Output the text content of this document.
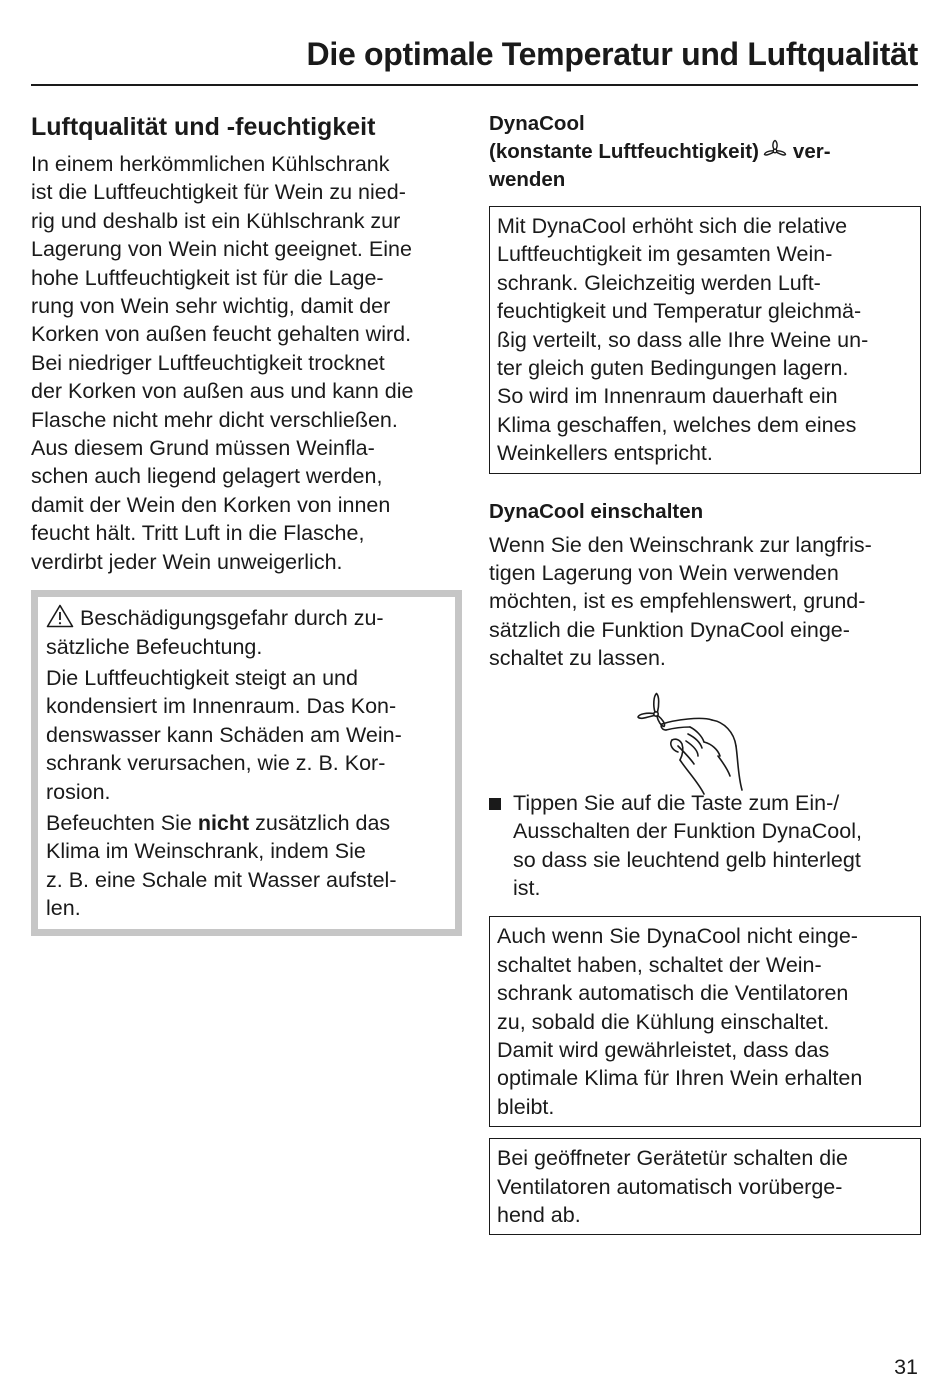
Die optimale Temperatur und Luftqualität
Luftqualität und -feuchtigkeit
In einem herkömmlichen Kühlschrank
ist die Luftfeuchtigkeit für Wein zu nied-
rig und deshalb ist ein Kühlschrank zur
Lagerung von Wein nicht geeignet. Eine
hohe Luftfeuchtigkeit ist für die Lage-
rung von Wein sehr wichtig, damit der
Korken von außen feucht gehalten wird.
Bei niedriger Luftfeuchtigkeit trocknet
der Korken von außen aus und kann die
Flasche nicht mehr dicht verschließen.
Aus diesem Grund müssen Weinfla-
schen auch liegend gelagert werden,
damit der Wein den Korken von innen
feucht hält. Tritt Luft in die Flasche,
verdirbt jeder Wein unweigerlich.
Beschädigungsgefahr durch zu-
sätzliche Befeuchtung.
Die Luftfeuchtigkeit steigt an und
kondensiert im Innenraum. Das Kon-
denswasser kann Schäden am Wein-
schrank verursachen, wie z. B. Kor-
rosion.
Befeuchten Sie nicht zusätzlich das
Klima im Weinschrank, indem Sie
z. B. eine Schale mit Wasser aufstel-
len.
DynaCool
(konstante Luftfeuchtigkeit) ver-
wenden
Mit DynaCool erhöht sich die relative
Luftfeuchtigkeit im gesamten Wein-
schrank. Gleichzeitig werden Luft-
feuchtigkeit und Temperatur gleichmä-
ßig verteilt, so dass alle Ihre Weine un-
ter gleich guten Bedingungen lagern.
So wird im Innenraum dauerhaft ein
Klima geschaffen, welches dem eines
Weinkellers entspricht.
DynaCool einschalten
Wenn Sie den Weinschrank zur langfris-
tigen Lagerung von Wein verwenden
möchten, ist es empfehlenswert, grund-
sätzlich die Funktion DynaCool einge-
schaltet zu lassen.
Tippen Sie auf die Taste zum Ein-/
Ausschalten der Funktion DynaCool,
so dass sie leuchtend gelb hinterlegt
ist.
Auch wenn Sie DynaCool nicht einge-
schaltet haben, schaltet der Wein-
schrank automatisch die Ventilatoren
zu, sobald die Kühlung einschaltet.
Damit wird gewährleistet, dass das
optimale Klima für Ihren Wein erhalten
bleibt.
Bei geöffneter Gerätetür schalten die
Ventilatoren automatisch vorüberge-
hend ab.
31
